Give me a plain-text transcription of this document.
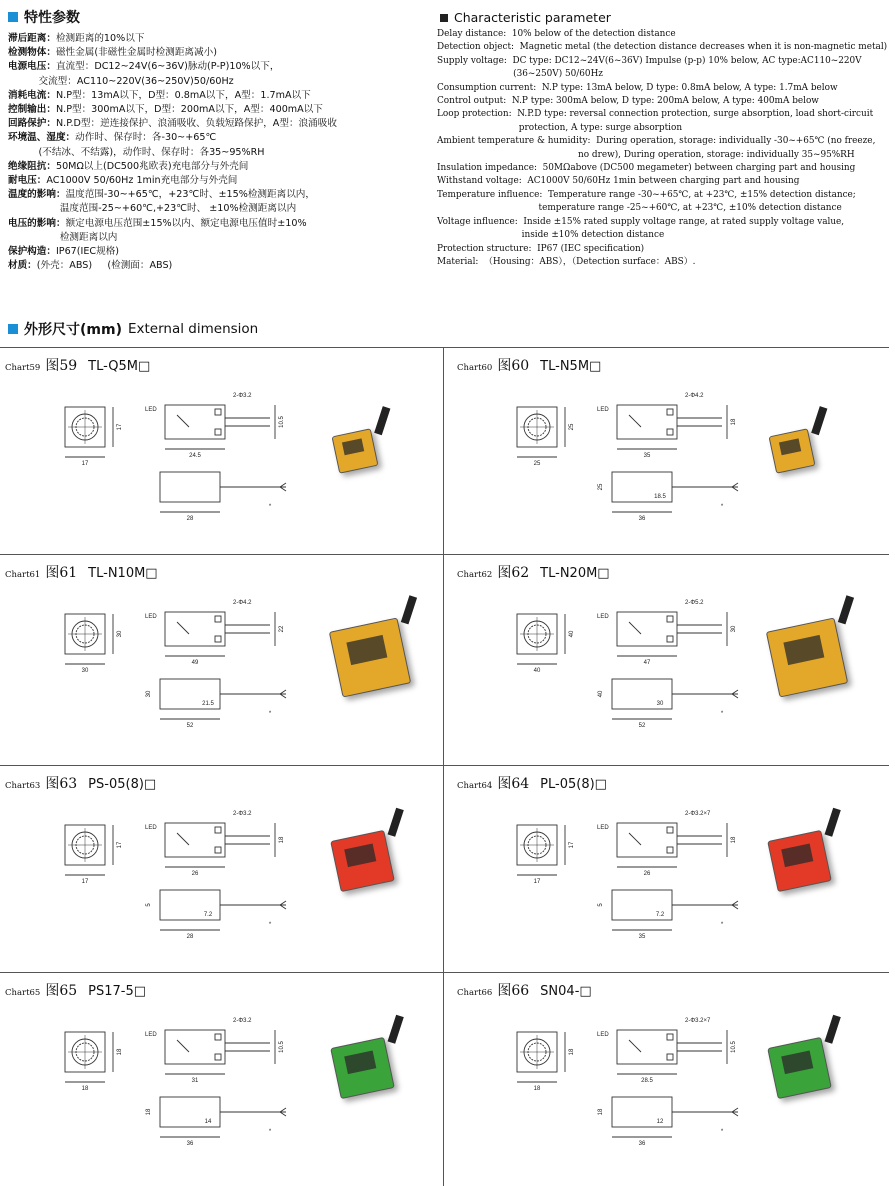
特性参数
滞后距离：检测距离的10%以下
检测物体：磁性金属(非磁性金属时检测距离减小)
电源电压：直流型：DC12~24V(6~36V)脉动(P-P)10%以下，
交流型：AC110~220V(36~250V)50/60Hz
消耗电流：N.P型：13mA以下，D型：0.8mA以下，A型：1.7mA以下
控制输出：N.P型：300mA以下，D型：200mA以下，A型：400mA以下
回路保护：N.P.D型：逆连接保护、浪涌吸收、负载短路保护，A型：浪涌吸收
环境温、湿度：动作时、保存时：各-30~+65℃
(不结冰、不结露)，动作时、保存时：各35~95%RH
绝缘阻抗：50MΩ以上(DC500兆欧表)充电部分与外壳间
耐电压：AC1000V 50/60Hz 1min充电部分与外壳间
温度的影响：温度范围-30~+65℃，+23℃时、±15%检测距离以内，
温度范围-25~+60℃,+23℃时、 ±10%检测距离以内
电压的影响：额定电源电压范围±15%以内、额定电源电压值时±10%
检测距离以内
保护构造：IP67(IEC规格)
材质：(外壳：ABS)     (检测面：ABS)
Characteristic parameter
Delay distance:  10% below of the detection distance
Detection object:  Magnetic metal (the detection distance decreases when it is non-magnetic metal)
Supply voltage:  DC type: DC12~24V(6~36V) Impulse (p-p) 10% below, AC type:AC110~220V
(36~250V) 50/60Hz
Consumption current:  N.P type: 13mA below, D type: 0.8mA below, A type: 1.7mA below
Control output:  N.P type: 300mA below, D type: 200mA below, A type: 400mA below
Loop protection:  N.P.D type: reversal connection protection, surge absorption, load short-circuit
protection, A type: surge absorption
Ambient temperature & humidity:  During operation, storage: individually -30~+65℃ (no freeze,
no drew), During operation, storage: individually 35~95%RH
Insulation impedance:  50MΩabove (DC500 megameter) between charging part and housing
Withstand voltage:  AC1000V 50/60Hz 1min between charging part and housing
Temperature influence:  Temperature range -30~+65℃, at +23℃, ±15% detection distance;
temperature range -25~+60℃, at +23℃, ±10% detection distance
Voltage influence:  Inside ±15% rated supply voltage range, at rated supply voltage value,
inside ±10% detection distance
Protection structure:  IP67 (IEC specification)
Material:  （Housing：ABS），（Detection surface：ABS）.
外形尺寸(mm) External dimension
Chart59 图59 TL-Q5M□
17
17
24.5
10.5
2-Φ3.2
LED
28
*
Chart60 图60 TL-N5M□
25
25
35
18
2-Φ4.2
LED
36
25
18.5
*
Chart61 图61 TL-N10M□
30
30
49
22
2-Φ4.2
LED
52
30
21.5
*
Chart62 图62 TL-N20M□
40
40
47
30
2-Φ5.2
LED
52
40
30
*
Chart63 图63 PS-05(8)□
17
17
26
18
2-Φ3.2
LED
28
5
7.2
*
Chart64 图64 PL-05(8)□
17
17
26
18
2-Φ3.2×7
LED
35
5
7.2
*
Chart65 图65 PS17-5□
18
18
31
10.5
2-Φ3.2
LED
36
18
14
*
Chart66 图66 SN04-□
18
18
28.5
10.5
2-Φ3.2×7
LED
36
18
12
*
